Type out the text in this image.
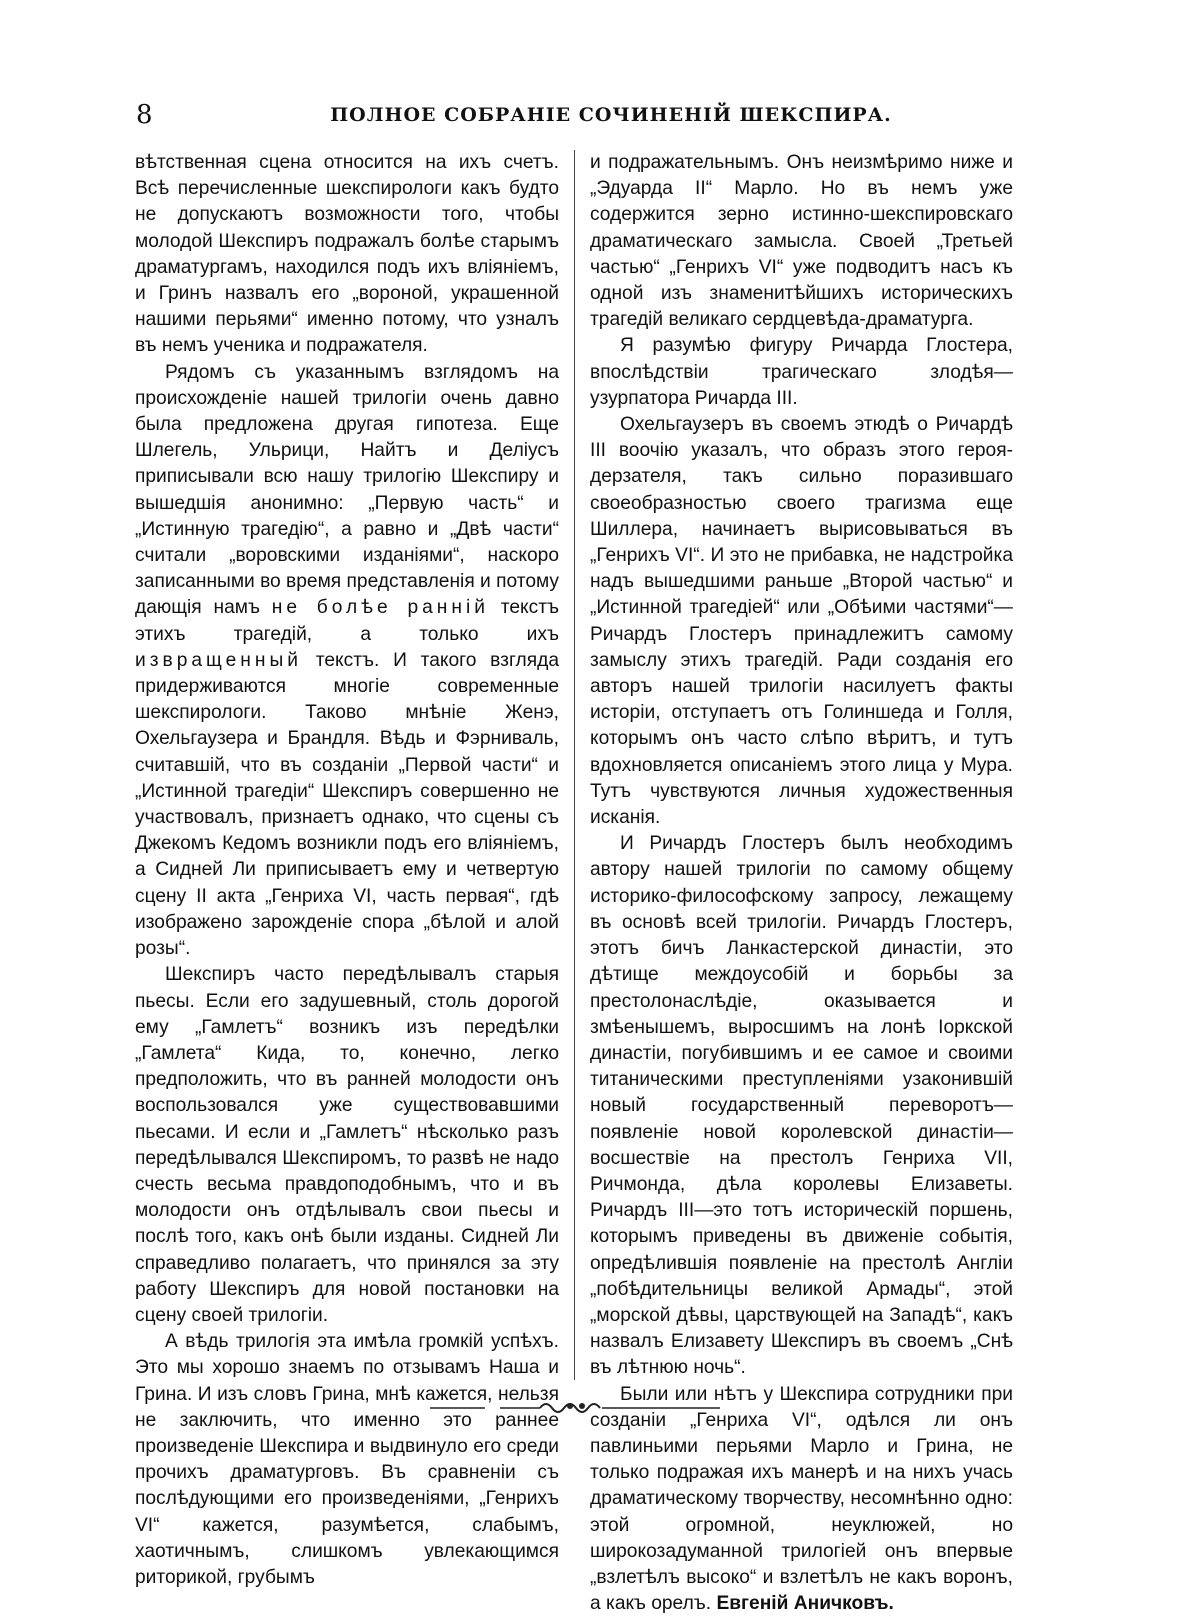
8	ПОЛНОЕ СОБРАНIЕ СОЧИНЕНIЙ ШЕКСПИРА.

вѣтственная сцена относится на ихъ счетъ. Всѣ перечисленные шекспирологи какъ будто не допускаютъ возможности того, чтобы молодой Шекспиръ подражалъ болѣе старымъ драматургамъ, находился подъ ихъ влiянiемъ, и Гринъ назвалъ его „вороной, украшенной нашими перьями“ именно потому, что узналъ въ немъ ученика и подражателя.

Рядомъ съ указаннымъ взглядомъ на происхожденiе нашей трилогiи очень давно была предложена другая гипотеза. Еще Шлегель, Ульрици, Найтъ и Делiусъ приписывали всю нашу трилогiю Шекспиру и вышедшiя анонимно: „Первую часть“ и „Истинную трагедiю“, а равно и „Двѣ части“ считали „воровскими изданiями“, наскоро записанными во время представленiя и потому дающiя намъ не болѣе ранній текстъ этихъ трагедiй, а только ихъ извращенный текстъ. И такого взгляда придерживаются многiе современные шекспирологи. Таково мнѣнiе Женэ, Охельгаузера и Брандля. Вѣдь и Фэрниваль, считавшiй, что въ созданiи „Первой части“ и „Истинной трагедiи“ Шекспиръ совершенно не участвовалъ, признаетъ однако, что сцены съ Джекомъ Кедомъ возникли подъ его влiянiемъ, а Сидней Ли приписываетъ ему и четвертую сцену II акта „Генриха VI, часть первая“, гдѣ изображено зарожденiе спора „бѣлой и алой розы“.

Шекспиръ часто передѣлывалъ старыя пьесы. Если его задушевный, столь дорогой ему „Гамлетъ“ возникъ изъ передѣлки „Гамлета“ Кида, то, конечно, легко предположить, что въ ранней молодости онъ воспользовался уже существовавшими пьесами. И если и „Гамлетъ“ нѣсколько разъ передѣлывался Шекспиромъ, то развѣ не надо счесть весьма правдоподобнымъ, что и въ молодости онъ отдѣлывалъ свои пьесы и послѣ того, какъ онѣ были изданы. Сидней Ли справедливо полагаетъ, что принялся за эту работу Шекспиръ для новой постановки на сцену своей трилогiи.

А вѣдь трилогiя эта имѣла громкiй успѣхъ. Это мы хорошо знаемъ по отзывамъ Наша и Грина. И изъ словъ Грина, мнѣ кажется, нельзя не заключить, что именно это раннее произведенiе Шекспира и выдвинуло его среди прочихъ драматурговъ. Въ сравненiи съ послѣдующими его произведенiями, „Генрихъ VI“ кажется, разумѣется, слабымъ, хаотичнымъ, слишкомъ увлекающимся риторикой, грубымъ

и подражательнымъ. Онъ неизмѣримо ниже и „Эдуарда II“ Марло. Но въ немъ уже содержится зерно истинно-шекспировскаго драматическаго замысла. Своей „Третьей частью“ „Генрихъ VI“ уже подводитъ насъ къ одной изъ знаменитѣйшихъ историческихъ трагедiй великаго сердцевѣда-драматурга.

Я разумѣю фигуру Ричарда Глостера, впослѣдствiи трагическаго злодѣя—узурпатора Ричарда III.

Охельгаузеръ въ своемъ этюдѣ о Ричардѣ III воочiю указалъ, что образъ этого героя-дерзателя, такъ сильно поразившаго своеобразностью своего трагизма еще Шиллера, начинаетъ вырисовываться въ „Генрихъ VI“. И это не прибавка, не надстройка надъ вышедшими раньше „Второй частью“ и „Истинной трагедiей“ или „Обѣими частями“—Ричардъ Глостеръ принадлежитъ самому замыслу этихъ трагедiй. Ради созданiя его авторъ нашей трилогiи насилуетъ факты исторiи, отступаетъ отъ Голиншеда и Голля, которымъ онъ часто слѣпо вѣритъ, и тутъ вдохновляется описанiемъ этого лица у Мура. Тутъ чувствуются личныя художественныя исканiя.

И Ричардъ Глостеръ былъ необходимъ автору нашей трилогiи по самому общему историко-философскому запросу, лежащему въ основѣ всей трилогiи. Ричардъ Глостеръ, этотъ бичъ Ланкастерской династiи, это дѣтище междоусобiй и борьбы за престолонаслѣдiе, оказывается и змѣенышемъ, выросшимъ на лонѣ Iоркской династiи, погубившимъ и ее самое и своими титаническими преступленiями узаконившiй новый государственный переворотъ—появленiе новой королевской династiи—восшествiе на престолъ Генриха VII, Ричмонда, дѣла королевы Елизаветы. Ричардъ III—это тотъ историческiй поршень, которымъ приведены въ движенiе событiя, опредѣлившiя появленiе на престолѣ Англiи „побѣдительницы великой Армады“, этой „морской дѣвы, царствующей на Западѣ“, какъ назвалъ Елизавету Шекспиръ въ своемъ „Снѣ въ лѣтнюю ночь“.

Были или нѣтъ у Шекспира сотрудники при созданiи „Генриха VI“, одѣлся ли онъ павлиньими перьями Марло и Грина, не только подражая ихъ манерѣ и на нихъ учась драматическому творчеству, несомнѣнно одно: этой огромной, неуклюжей, но широкозадуманной трилогiей онъ впервые „взлетѣлъ высоко“ и взлетѣлъ не какъ воронъ, а какъ орелъ. Евгенiй Аничковъ.
